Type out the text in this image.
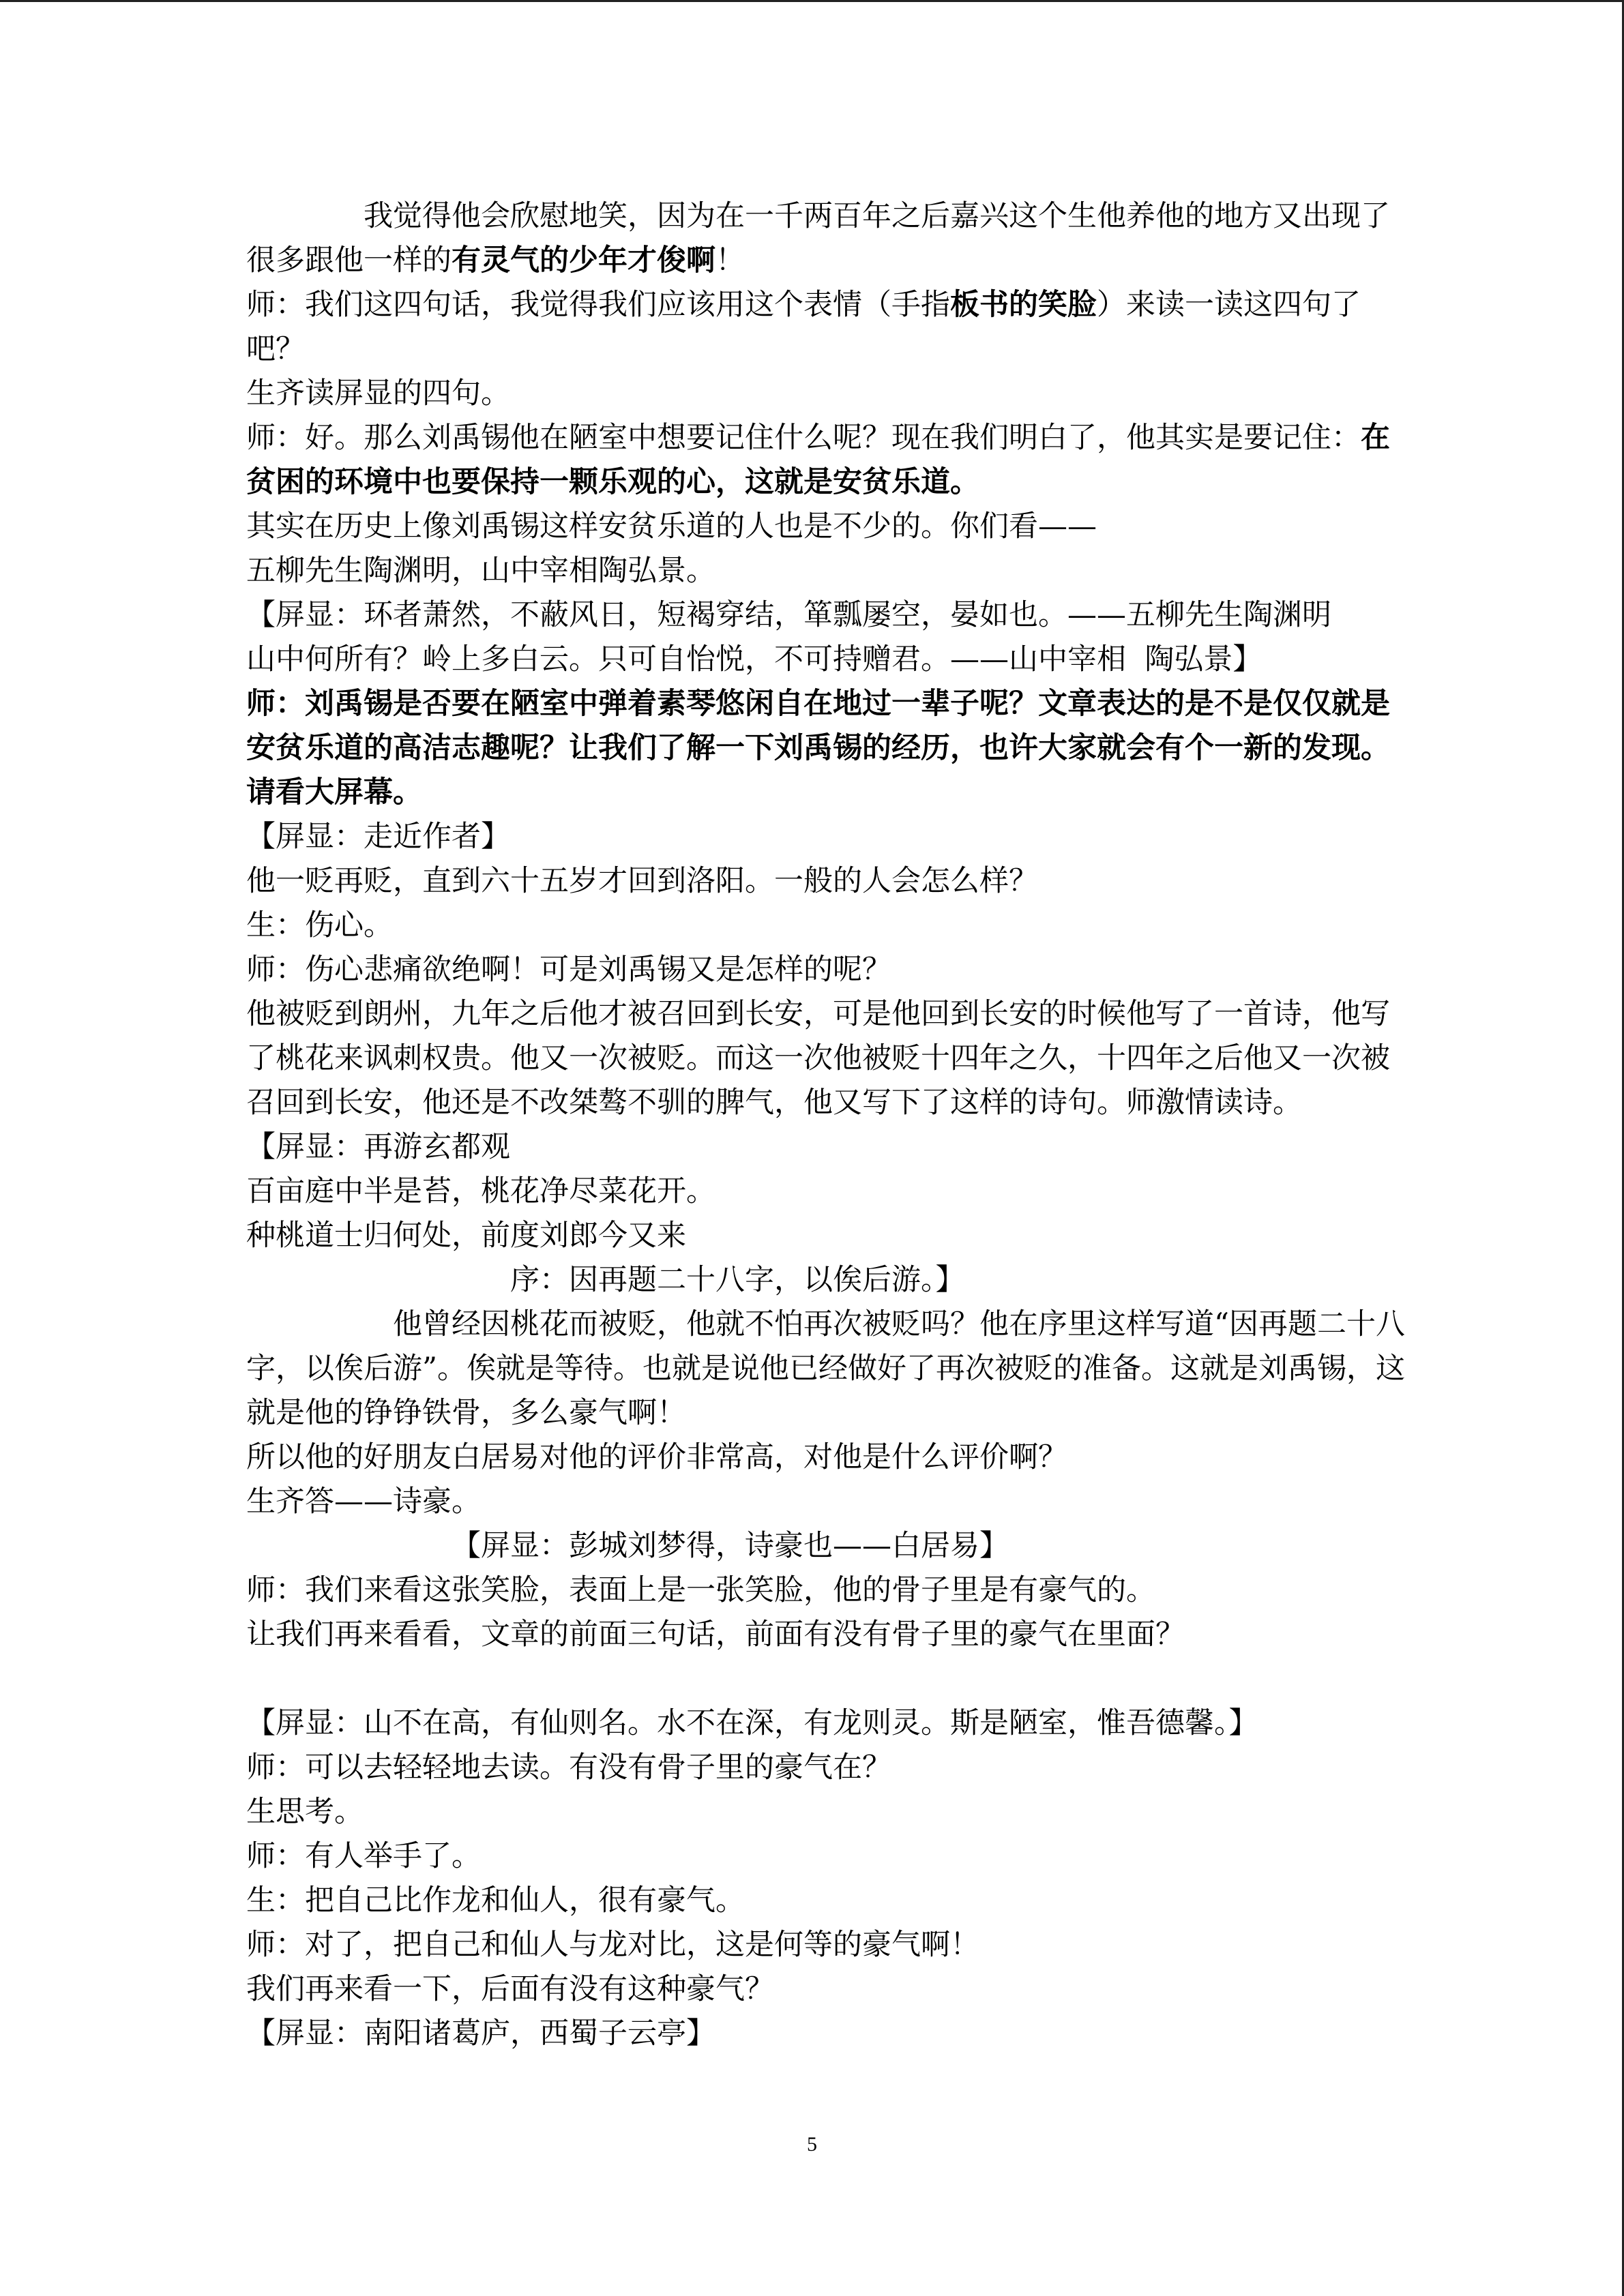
我觉得他会欣慰地笑，因为在一千两百年之后嘉兴这个生他养他的地方又出现了很多跟他一样的有灵气的少年才俊啊！

师：我们这四句话，我觉得我们应该用这个表情（手指板书的笑脸）来读一读这四句了吧？

生齐读屏显的四句。

师：好。那么刘禹锡他在陋室中想要记住什么呢？现在我们明白了，他其实是要记住：在贫困的环境中也要保持一颗乐观的心，这就是安贫乐道。

其实在历史上像刘禹锡这样安贫乐道的人也是不少的。你们看——

五柳先生陶渊明，山中宰相陶弘景。

【屏显：环者萧然，不蔽风日，短褐穿结，箪瓢屡空，晏如也。——五柳先生陶渊明

山中何所有？岭上多白云。只可自怡悦，不可持赠君。——山中宰相  陶弘景】

师：刘禹锡是否要在陋室中弹着素琴悠闲自在地过一辈子呢？文章表达的是不是仅仅就是安贫乐道的高洁志趣呢？让我们了解一下刘禹锡的经历，也许大家就会有个一新的发现。请看大屏幕。

【屏显：走近作者】

他一贬再贬，直到六十五岁才回到洛阳。一般的人会怎么样？

生：伤心。

师：伤心悲痛欲绝啊！可是刘禹锡又是怎样的呢？

他被贬到朗州，九年之后他才被召回到长安，可是他回到长安的时候他写了一首诗，他写了桃花来讽刺权贵。他又一次被贬。而这一次他被贬十四年之久，十四年之后他又一次被召回到长安，他还是不改桀骜不驯的脾气，他又写下了这样的诗句。师激情读诗。

【屏显：再游玄都观

百亩庭中半是苔，桃花净尽菜花开。

种桃道士归何处，前度刘郎今又来

序：因再题二十八字，以俟后游。】

他曾经因桃花而被贬，他就不怕再次被贬吗？他在序里这样写道“因再题二十八字，以俟后游”。俟就是等待。也就是说他已经做好了再次被贬的准备。这就是刘禹锡，这就是他的铮铮铁骨，多么豪气啊！

所以他的好朋友白居易对他的评价非常高，对他是什么评价啊？

生齐答——诗豪。

【屏显：彭城刘梦得，诗豪也——白居易】

师：我们来看这张笑脸，表面上是一张笑脸，他的骨子里是有豪气的。

让我们再来看看，文章的前面三句话，前面有没有骨子里的豪气在里面？

【屏显：山不在高，有仙则名。水不在深，有龙则灵。斯是陋室，惟吾德馨。】

师：可以去轻轻地去读。有没有骨子里的豪气在？

生思考。

师：有人举手了。

生：把自己比作龙和仙人，很有豪气。

师：对了，把自己和仙人与龙对比，这是何等的豪气啊！

我们再来看一下，后面有没有这种豪气？

【屏显：南阳诸葛庐，西蜀子云亭】

5
